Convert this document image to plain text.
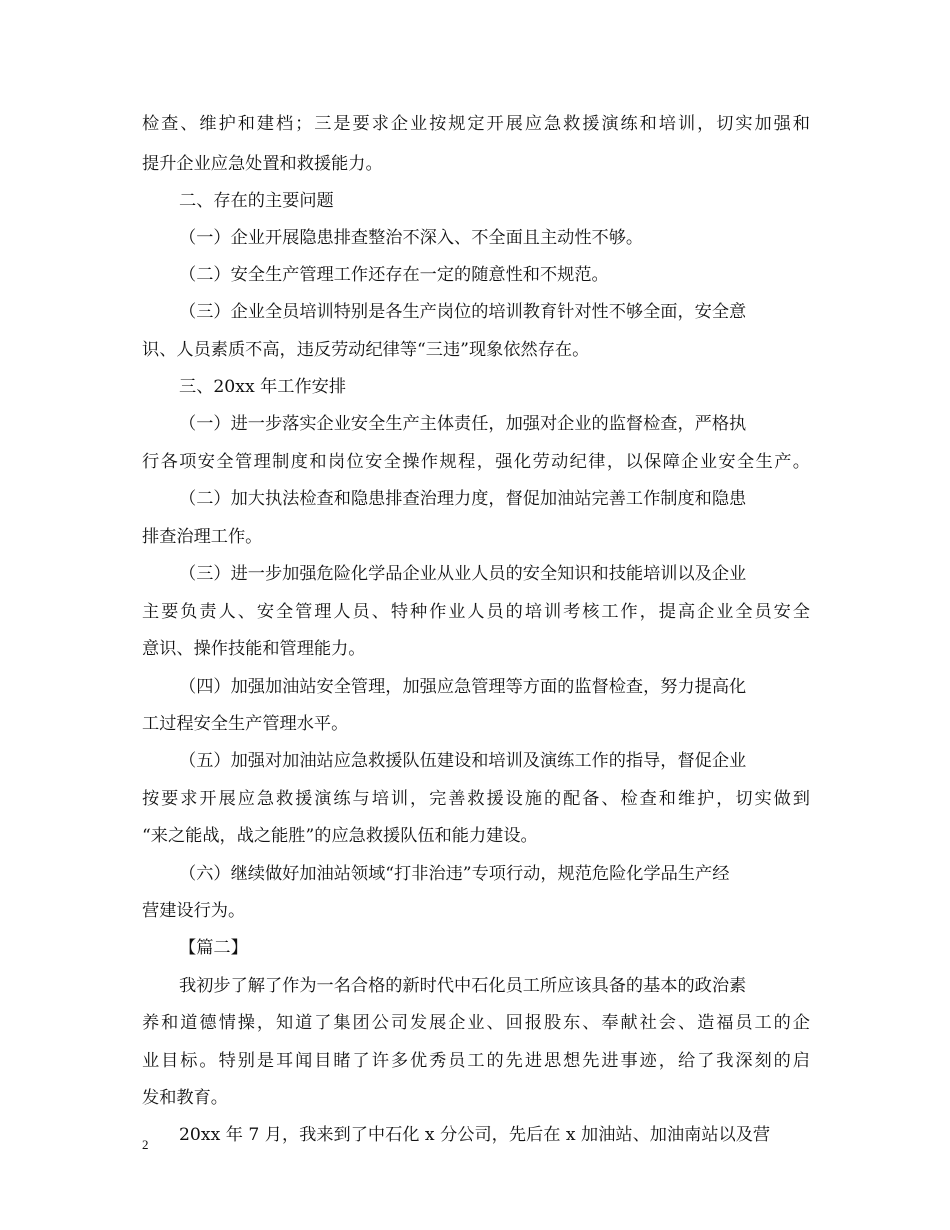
检查、维护和建档；三是要求企业按规定开展应急救援演练和培训，切实加强和
提升企业应急处置和救援能力。
二、存在的主要问题
（一）企业开展隐患排查整治不深入、不全面且主动性不够。
（二）安全生产管理工作还存在一定的随意性和不规范。
（三）企业全员培训特别是各生产岗位的培训教育针对性不够全面，安全意
识、人员素质不高，违反劳动纪律等“三违”现象依然存在。
三、20xx 年工作安排
（一）进一步落实企业安全生产主体责任，加强对企业的监督检查，严格执
行各项安全管理制度和岗位安全操作规程，强化劳动纪律，以保障企业安全生产。
（二）加大执法检查和隐患排查治理力度，督促加油站完善工作制度和隐患
排查治理工作。
（三）进一步加强危险化学品企业从业人员的安全知识和技能培训以及企业
主要负责人、安全管理人员、特种作业人员的培训考核工作，提高企业全员安全
意识、操作技能和管理能力。
（四）加强加油站安全管理，加强应急管理等方面的监督检查，努力提高化
工过程安全生产管理水平。
（五）加强对加油站应急救援队伍建设和培训及演练工作的指导，督促企业
按要求开展应急救援演练与培训，完善救援设施的配备、检查和维护，切实做到
“来之能战，战之能胜”的应急救援队伍和能力建设。
（六）继续做好加油站领域“打非治违”专项行动，规范危险化学品生产经
营建设行为。
【篇二】
我初步了解了作为一名合格的新时代中石化员工所应该具备的基本的政治素
养和道德情操，知道了集团公司发展企业、回报股东、奉献社会、造福员工的企
业目标。特别是耳闻目睹了许多优秀员工的先进思想先进事迹，给了我深刻的启
发和教育。
20xx 年 7 月，我来到了中石化 x 分公司，先后在 x 加油站、加油南站以及营
2
